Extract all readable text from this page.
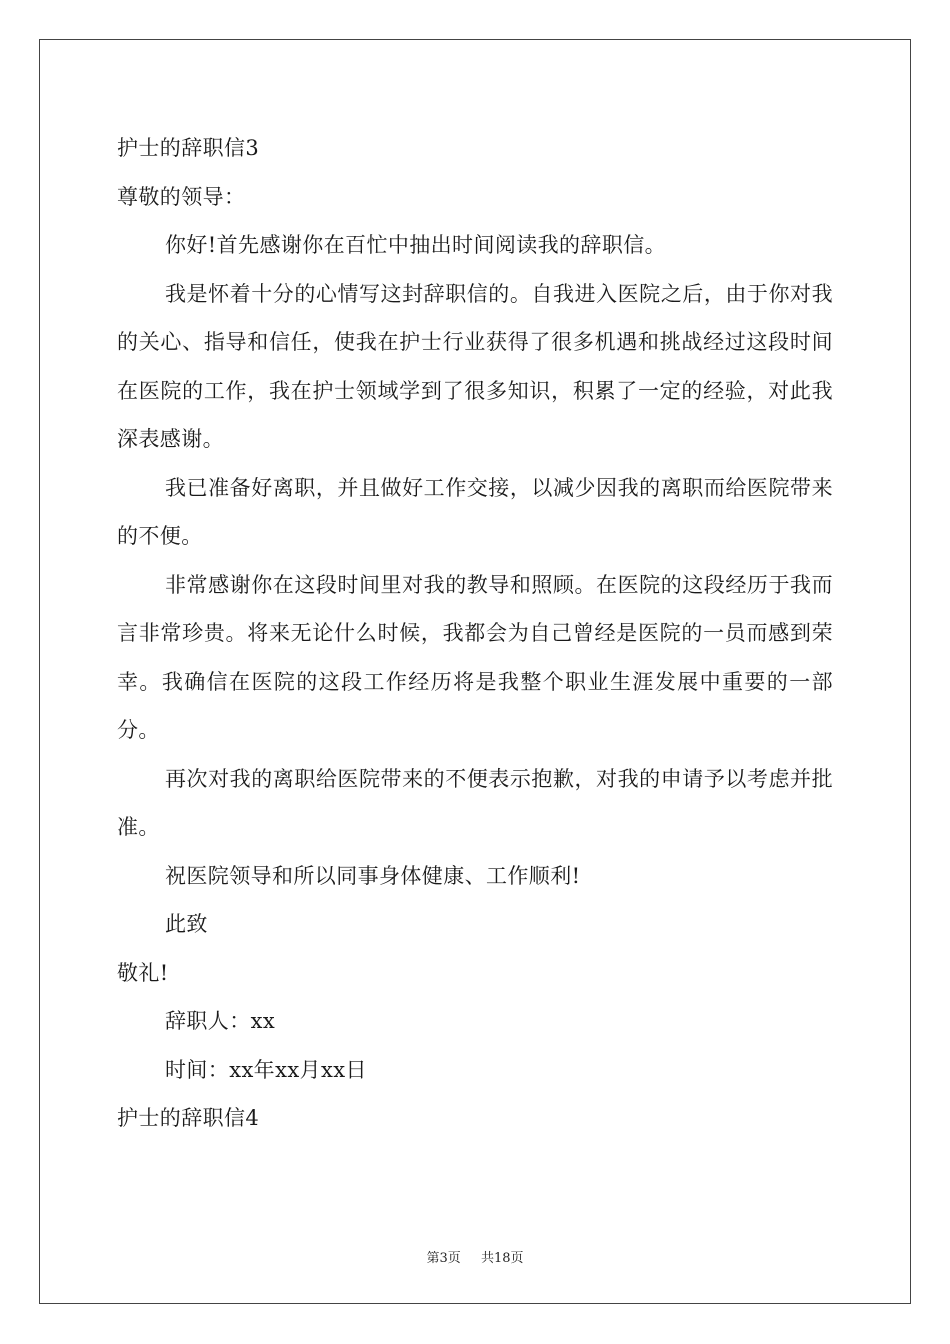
护士的辞职信3
尊敬的领导：

你好!首先感谢你在百忙中抽出时间阅读我的辞职信。

我是怀着十分的心情写这封辞职信的。自我进入医院之后，由于你对我的关心、指导和信任，使我在护士行业获得了很多机遇和挑战经过这段时间在医院的工作，我在护士领域学到了很多知识，积累了一定的经验，对此我深表感谢。

我已准备好离职，并且做好工作交接，以减少因我的离职而给医院带来的不便。

非常感谢你在这段时间里对我的教导和照顾。在医院的这段经历于我而言非常珍贵。将来无论什么时候，我都会为自己曾经是医院的一员而感到荣幸。我确信在医院的这段工作经历将是我整个职业生涯发展中重要的一部分。

再次对我的离职给医院带来的不便表示抱歉，对我的申请予以考虑并批准。

祝医院领导和所以同事身体健康、工作顺利!

此致
敬礼!
辞职人：xx
时间：xx年xx月xx日
护士的辞职信4
第3页 共18页
